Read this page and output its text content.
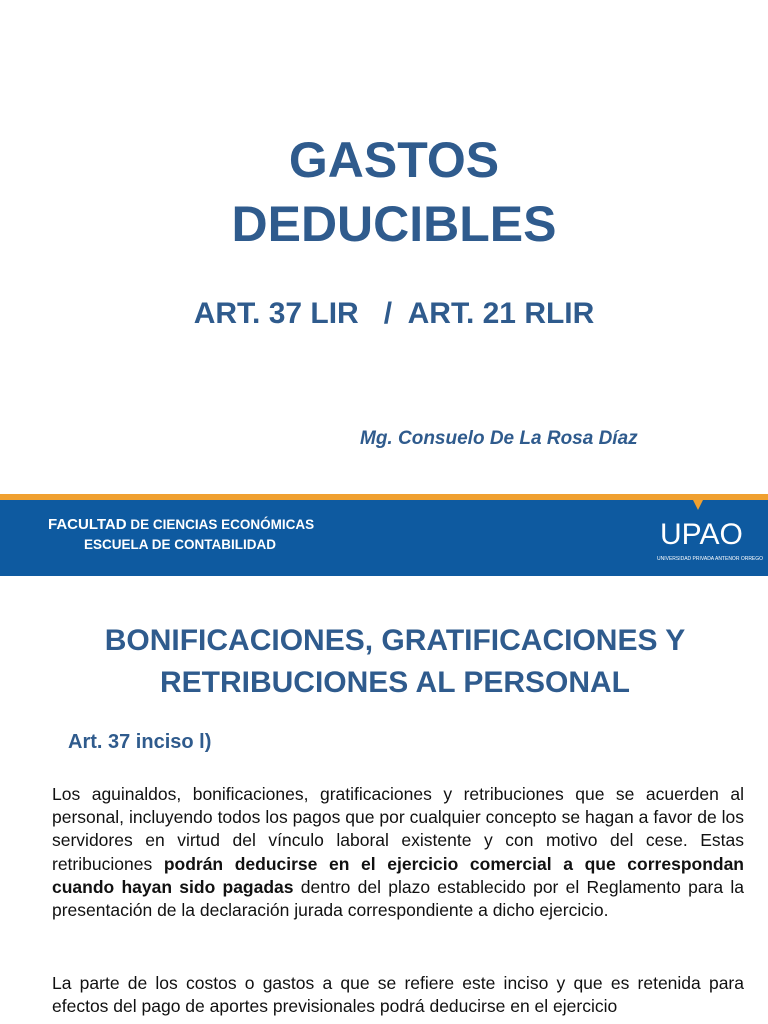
GASTOS
DEDUCIBLES
ART. 37 LIR   /  ART. 21 RLIR
Mg. Consuelo De La Rosa Díaz
FACULTAD DE CIENCIAS ECONÓMICAS
ESCUELA DE CONTABILIDAD	UPAO
UNIVERSIDAD PRIVADA ANTENOR ORREGO
BONIFICACIONES, GRATIFICACIONES Y
RETRIBUCIONES AL PERSONAL
Art. 37 inciso l)

Los aguinaldos, bonificaciones, gratificaciones y retribuciones que se acuerden al personal, incluyendo todos los pagos que por cualquier concepto se hagan a favor de los servidores en virtud del vínculo laboral existente y con motivo del cese. Estas retribuciones podrán deducirse en el ejercicio comercial a que correspondan cuando hayan sido pagadas dentro del plazo establecido por el Reglamento para la presentación de la declaración jurada correspondiente a dicho ejercicio.

La parte de los costos o gastos a que se refiere este inciso y que es retenida para efectos del pago de aportes previsionales podrá deducirse en el ejercicio
